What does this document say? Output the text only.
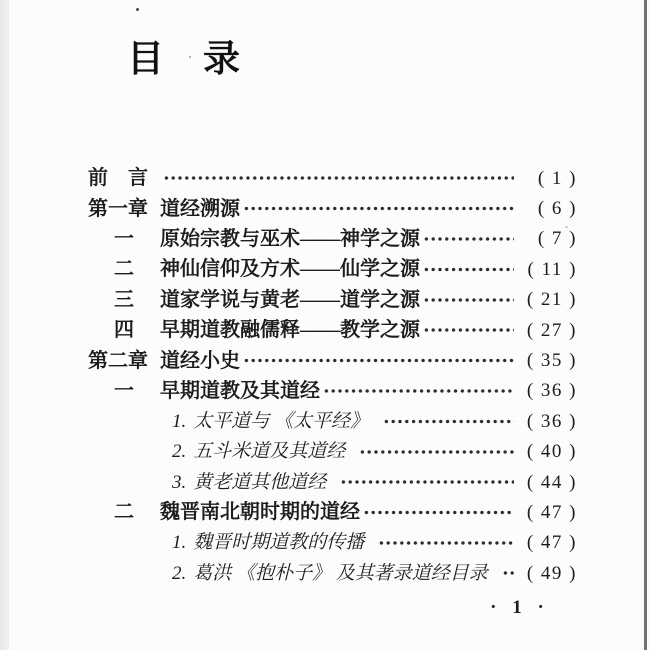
目　录
前　言	( 1 )
第一章 道经溯源	( 6 )
一	原始宗教与巫术——神学之源	( 7 )
二	神仙信仰及方术——仙学之源	( 11 )
三	道家学说与黄老——道学之源	( 21 )
四	早期道教融儒释——教学之源	( 27 )
第二章 道经小史	( 35 )
一	早期道教及其道经	( 36 )
1. 太平道与 《太平经》	( 36 )
2. 五斗米道及其道经	( 40 )
3. 黄老道其他道经	( 44 )
二	魏晋南北朝时期的道经	( 47 )
1. 魏晋时期道教的传播	( 47 )
2. 葛洪 《抱朴子》 及其著录道经目录	( 49 )
· 1 ·
